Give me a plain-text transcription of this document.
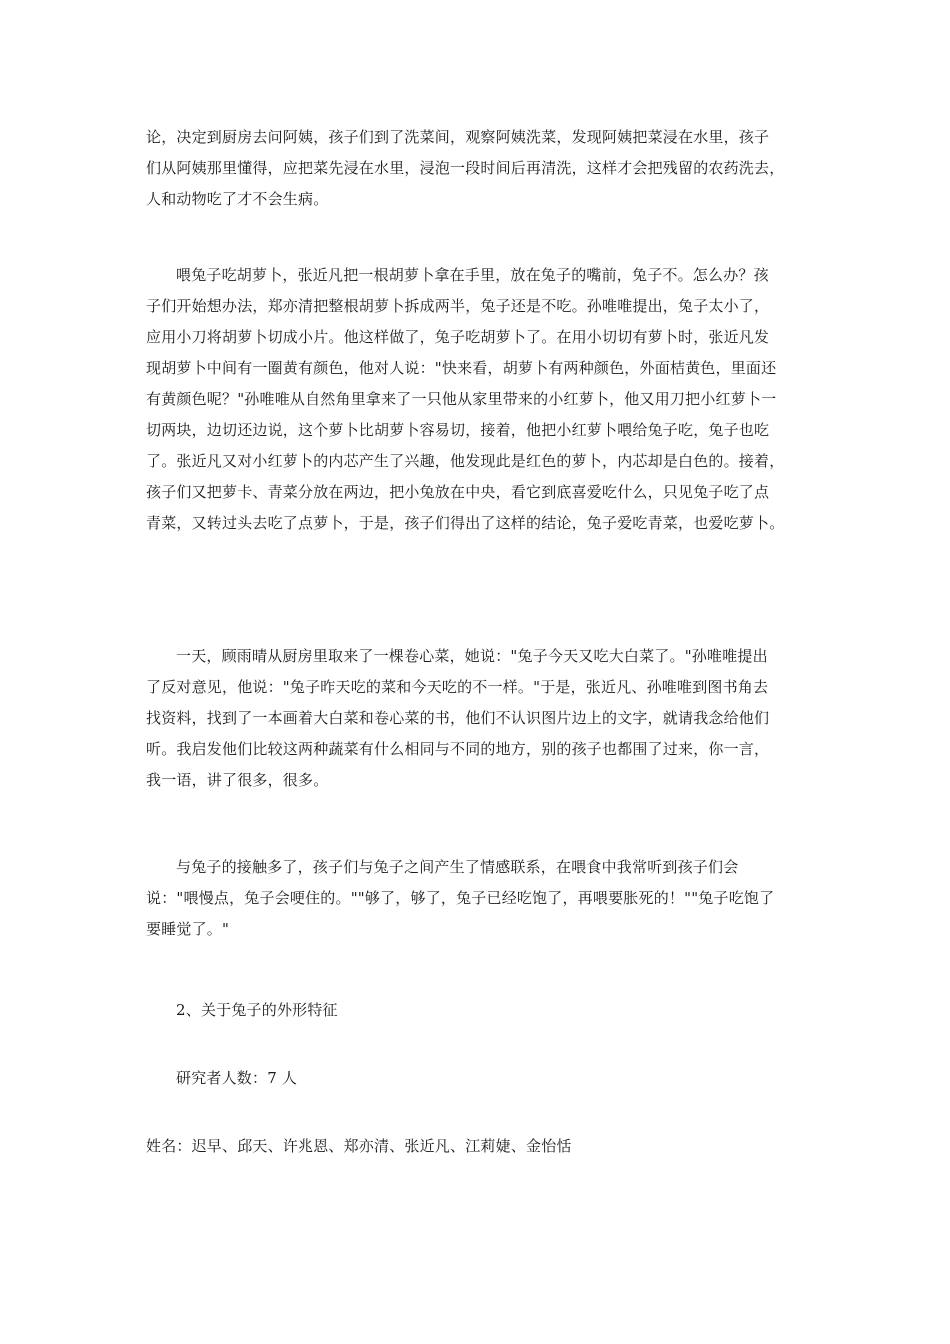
论，决定到厨房去问阿姨，孩子们到了洗菜间，观察阿姨洗菜，发现阿姨把菜浸在水里，孩子
们从阿姨那里懂得，应把菜先浸在水里，浸泡一段时间后再清洗，这样才会把残留的农药洗去，
人和动物吃了才不会生病。
喂兔子吃胡萝卜，张近凡把一根胡萝卜拿在手里，放在兔子的嘴前，兔子不。怎么办？孩
子们开始想办法，郑亦清把整根胡萝卜拆成两半，兔子还是不吃。孙唯唯提出，兔子太小了，
应用小刀将胡萝卜切成小片。他这样做了，兔子吃胡萝卜了。在用小切切有萝卜时，张近凡发
现胡萝卜中间有一圈黄有颜色，他对人说："快来看，胡萝卜有两种颜色，外面桔黄色，里面还
有黄颜色呢？"孙唯唯从自然角里拿来了一只他从家里带来的小红萝卜，他又用刀把小红萝卜一
切两块，边切还边说，这个萝卜比胡萝卜容易切，接着，他把小红萝卜喂给兔子吃，兔子也吃
了。张近凡又对小红萝卜的内芯产生了兴趣，他发现此是红色的萝卜，内芯却是白色的。接着，
孩子们又把萝卡、青菜分放在两边，把小兔放在中央，看它到底喜爱吃什么，只见兔子吃了点
青菜，又转过头去吃了点萝卜，于是，孩子们得出了这样的结论，兔子爱吃青菜，也爱吃萝卜。
一天，顾雨晴从厨房里取来了一棵卷心菜，她说："兔子今天又吃大白菜了。"孙唯唯提出
了反对意见，他说："兔子昨天吃的菜和今天吃的不一样。"于是，张近凡、孙唯唯到图书角去
找资料，找到了一本画着大白菜和卷心菜的书，他们不认识图片边上的文字，就请我念给他们
听。我启发他们比较这两种蔬菜有什么相同与不同的地方，别的孩子也都围了过来，你一言，
我一语，讲了很多，很多。
与兔子的接触多了，孩子们与兔子之间产生了情感联系，在喂食中我常听到孩子们会
说："喂慢点，兔子会哽住的。""够了，够了，兔子已经吃饱了，再喂要胀死的！""兔子吃饱了
要睡觉了。"
2、关于兔子的外形特征
研究者人数：7 人
姓名：迟早、邱天、许兆恩、郑亦清、张近凡、江莉婕、金怡恬
